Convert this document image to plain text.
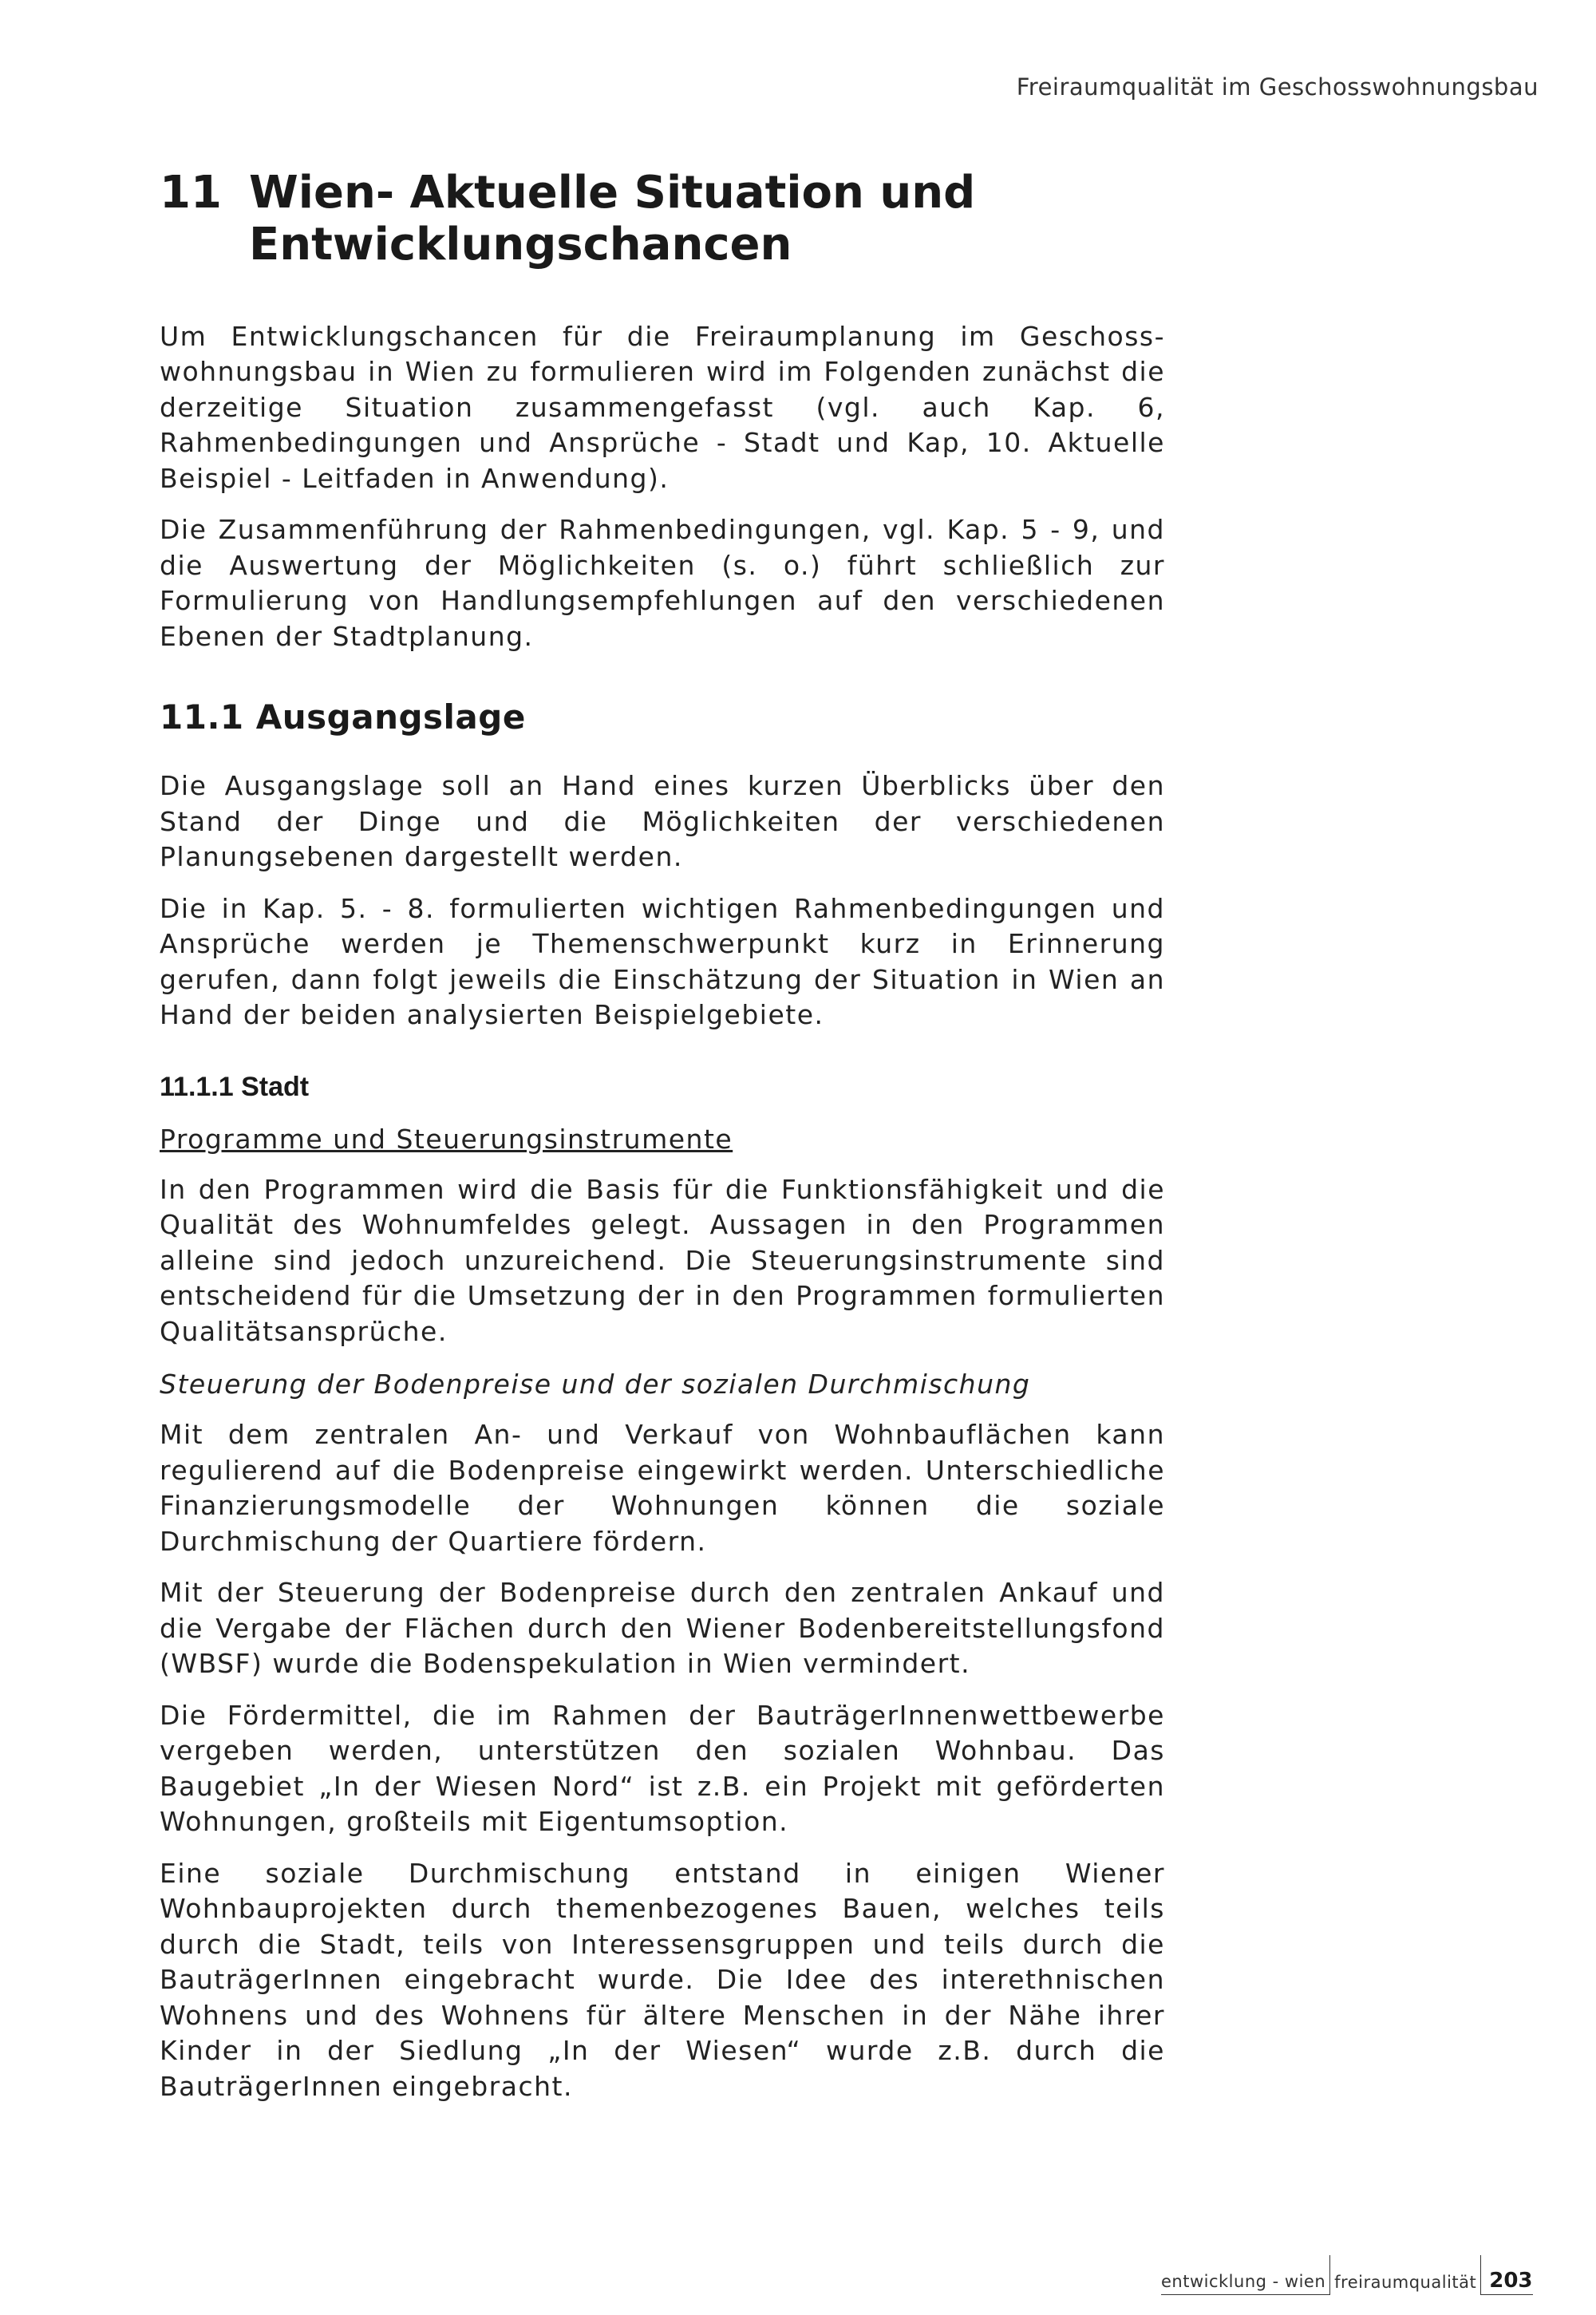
Freiraumqualität im Geschosswohnungsbau
11 Wien- Aktuelle Situation und
Entwicklungschancen

Um Entwicklungschancen für die Freiraumplanung im Geschoss-wohnungsbau in Wien zu formulieren wird im Folgenden zunächst die derzeitige Situation zusammengefasst (vgl. auch Kap. 6, Rahmenbedingungen und Ansprüche - Stadt und Kap, 10. Aktuelle Beispiel - Leitfaden in Anwendung).

Die Zusammenführung der Rahmenbedingungen, vgl. Kap. 5 - 9, und die Auswertung der Möglichkeiten (s. o.) führt schließlich zur Formulierung von Handlungsempfehlungen auf den verschiedenen Ebenen der Stadtplanung.

11.1 Ausgangslage

Die Ausgangslage soll an Hand eines kurzen Überblicks über den Stand der Dinge und die Möglichkeiten der verschiedenen Planungsebenen dargestellt werden.

Die in Kap. 5. - 8. formulierten wichtigen Rahmenbedingungen und Ansprüche werden je Themenschwerpunkt kurz in Erinnerung gerufen, dann folgt jeweils die Einschätzung der Situation in Wien an Hand der beiden analysierten Beispielgebiete.

11.1.1 Stadt
Programme und Steuerungsinstrumente

In den Programmen wird die Basis für die Funktionsfähigkeit und die Qualität des Wohnumfeldes gelegt. Aussagen in den Programmen alleine sind jedoch unzureichend. Die Steuerungsinstrumente sind entscheidend für die Umsetzung der in den Programmen formulierten Qualitätsansprüche.

Steuerung der Bodenpreise und der sozialen Durchmischung

Mit dem zentralen An- und Verkauf von Wohnbauflächen kann regulierend auf die Bodenpreise eingewirkt werden. Unterschiedliche Finanzierungsmodelle der Wohnungen können die soziale Durchmischung der Quartiere fördern.

Mit der Steuerung der Bodenpreise durch den zentralen Ankauf und die Vergabe der Flächen durch den Wiener Bodenbereitstellungsfond (WBSF) wurde die Bodenspekulation in Wien vermindert.

Die Fördermittel, die im Rahmen der BauträgerInnenwettbewerbe vergeben werden, unterstützen den sozialen Wohnbau. Das Baugebiet „In der Wiesen Nord“ ist z.B. ein Projekt mit geförderten Wohnungen, großteils mit Eigentumsoption.

Eine soziale Durchmischung entstand in einigen Wiener Wohnbauprojekten durch themenbezogenes Bauen, welches teils durch die Stadt, teils von Interessensgruppen und teils durch die BauträgerInnen eingebracht wurde. Die Idee des interethnischen Wohnens und des Wohnens für ältere Menschen in der Nähe ihrer Kinder in der Siedlung „In der Wiesen“ wurde z.B. durch die BauträgerInnen eingebracht.

entwicklung - wien freiraumqualität 203
